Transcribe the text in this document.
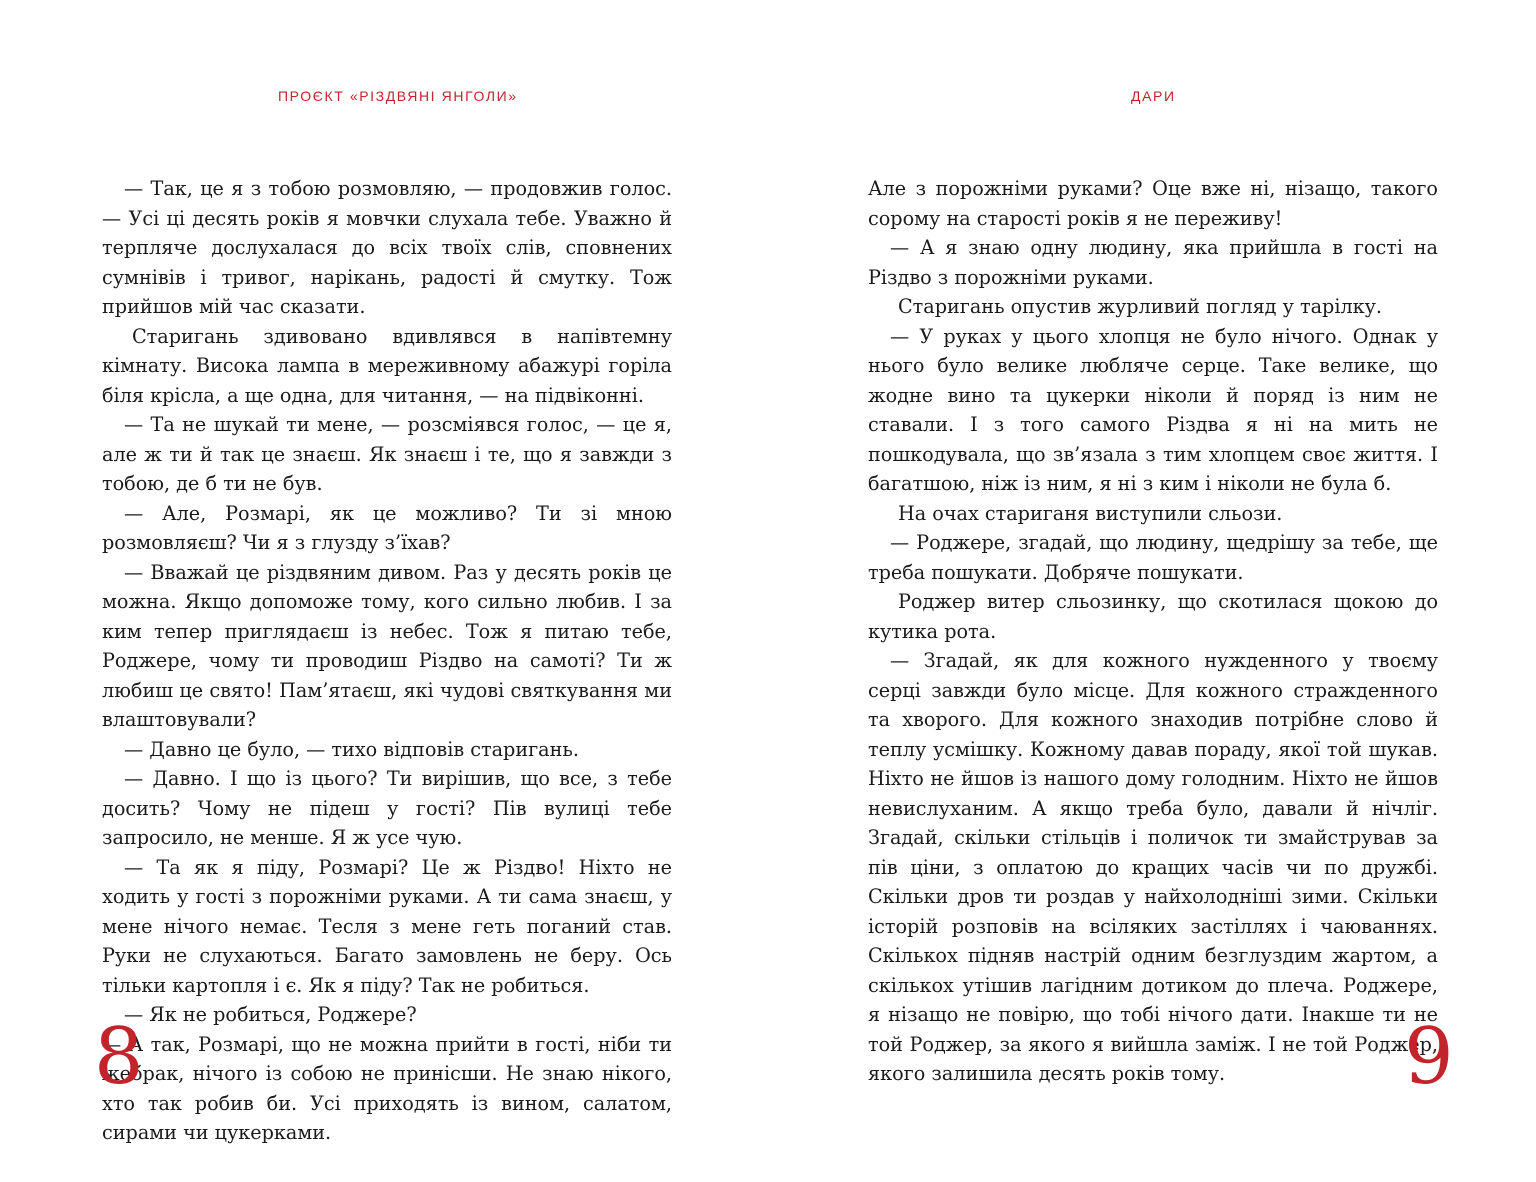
ПРОЄКТ «РІЗДВЯНІ ЯНГОЛИ»

— Так, це я з тобою розмовляю, — продовжив голос. — Усі ці десять років я мовчки слухала тебе. Уважно й терпляче дослухалася до всіх твоїх слів, сповнених сумнівів і тривог, нарікань, радості й смутку. Тож прийшов мій час сказати.

Старигань здивовано вдивлявся в напівтемну кімнату. Висока лампа в мереживному абажурі горіла біля крісла, а ще одна, для читання, — на підвіконні.

— Та не шукай ти мене, — розсміявся голос, — це я, але ж ти й так це знаєш. Як знаєш і те, що я завжди з тобою, де б ти не був.

— Але, Розмарі, як це можливо? Ти зі мною розмовляєш? Чи я з глузду з’їхав?

— Вважай це різдвяним дивом. Раз у десять років це можна. Якщо допоможе тому, кого сильно любив. І за ким тепер приглядаєш із небес. Тож я питаю тебе, Роджере, чому ти проводиш Різдво на самоті? Ти ж любиш це свято! Пам’ятаєш, які чудові святкування ми влаштовували?

— Давно це було, — тихо відповів старигань.

— Давно. І що із цього? Ти вирішив, що все, з тебе досить? Чому не підеш у гості? Пів вулиці тебе запросило, не менше. Я ж усе чую.

— Та як я піду, Розмарі? Це ж Різдво! Ніхто не ходить у гості з порожніми руками. А ти сама знаєш, у мене нічого немає. Тесля з мене геть поганий став. Руки не слухаються. Багато замовлень не беру. Ось тільки картопля і є. Як я піду? Так не робиться.

— Як не робиться, Роджере?

— А так, Розмарі, що не можна прийти в гості, ніби ти жебрак, нічого із собою не принісши. Не знаю нікого, хто так робив би. Усі приходять із вином, салатом, сирами чи цукерками.

8
ДАРИ

Але з порожніми руками? Оце вже ні, нізащо, такого сорому на старості років я не переживу!

— А я знаю одну людину, яка прийшла в гості на Різдво з порожніми руками.

Старигань опустив журливий погляд у тарілку.

— У руках у цього хлопця не було нічого. Однак у нього було велике любляче серце. Таке велике, що жодне вино та цукерки ніколи й поряд із ним не ставали. І з того самого Різдва я ні на мить не пошкодувала, що зв’язала з тим хлопцем своє життя. І багатшою, ніж із ним, я ні з ким і ніколи не була б.

На очах стариганя виступили сльози.

— Роджере, згадай, що людину, щедрішу за тебе, ще треба пошукати. Добряче пошукати.

Роджер витер сльозинку, що скотилася щокою до кутика рота.

— Згадай, як для кожного нужденного у твоєму серці завжди було місце. Для кожного стражденного та хворого. Для кожного знаходив потрібне слово й теплу усмішку. Кожному давав пораду, якої той шукав. Ніхто не йшов із нашого дому голодним. Ніхто не йшов невислуханим. А якщо треба було, давали й нічліг. Згадай, скільки стільців і поличок ти змайстрував за пів ціни, з оплатою до кращих часів чи по дружбі. Скільки дров ти роздав у найхолодніші зими. Скільки історій розповів на всіляких застіллях і чаюваннях. Скількох підняв настрій одним безглуздим жартом, а скількох утішив лагідним дотиком до плеча. Роджере, я нізащо не повірю, що тобі нічого дати. Інакше ти не той Роджер, за якого я вийшла заміж. І не той Роджер, якого залишила десять років тому.	9
